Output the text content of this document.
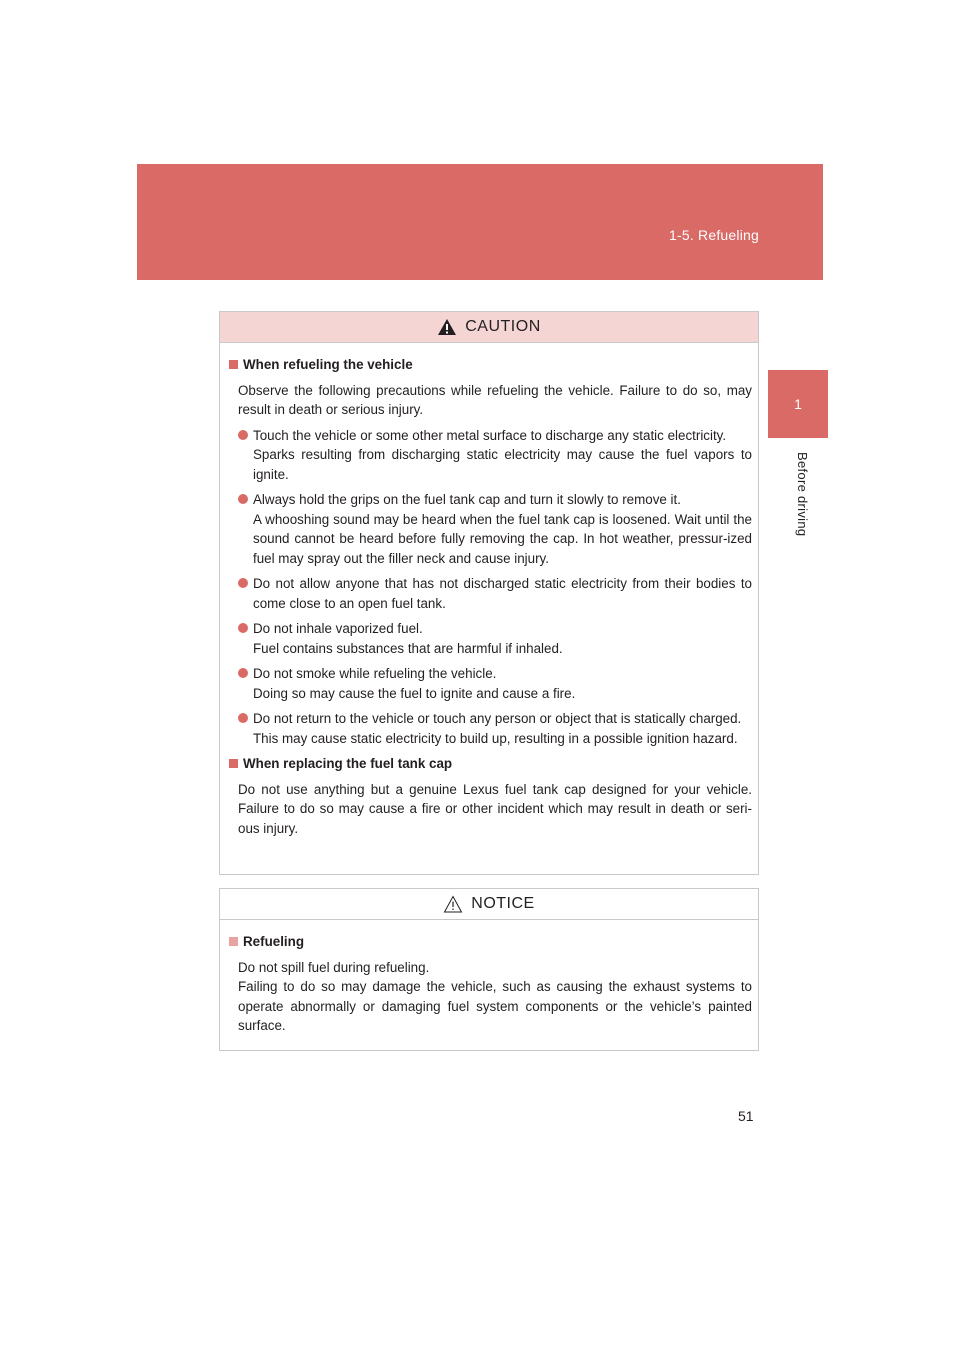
1-5. Refueling
1
Before driving
CAUTION
When refueling the vehicle
Observe the following precautions while refueling the vehicle. Failure to do so, may result in death or serious injury.
Touch the vehicle or some other metal surface to discharge any static electricity.
Sparks resulting from discharging static electricity may cause the fuel vapors to ignite.
Always hold the grips on the fuel tank cap and turn it slowly to remove it.
A whooshing sound may be heard when the fuel tank cap is loosened. Wait until the sound cannot be heard before fully removing the cap. In hot weather, pressur-ized fuel may spray out the filler neck and cause injury.
Do not allow anyone that has not discharged static electricity from their bodies to come close to an open fuel tank.
Do not inhale vaporized fuel.
Fuel contains substances that are harmful if inhaled.
Do not smoke while refueling the vehicle.
Doing so may cause the fuel to ignite and cause a fire.
Do not return to the vehicle or touch any person or object that is statically charged.
This may cause static electricity to build up, resulting in a possible ignition hazard.
When replacing the fuel tank cap
Do not use anything but a genuine Lexus fuel tank cap designed for your vehicle. Failure to do so may cause a fire or other incident which may result in death or seri-ous injury.
NOTICE
Refueling
Do not spill fuel during refueling.
Failing to do so may damage the vehicle, such as causing the exhaust systems to operate abnormally or damaging fuel system components or the vehicle’s painted surface.
51
